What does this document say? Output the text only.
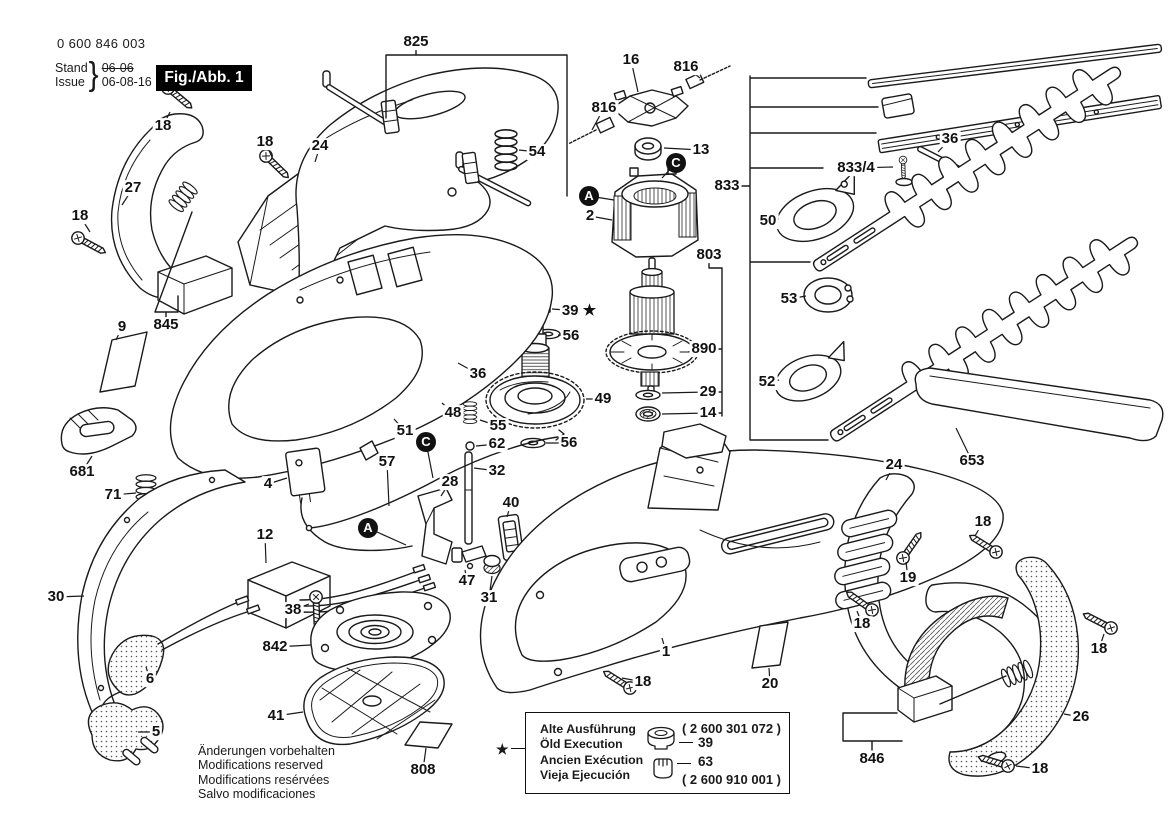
0 600 846 003
Stand
Issue } 06-06
06-08-16 Fig./Abb. 1
825
16 816
816
13
54
18
24
18
27
18
36
833/4
833
A
C
2
803
50
9 845
890
53
39 ★
56
36
49	29
14
52
48
51	55
62	56
681
71
C
57
32
4	28
12	A
40
47
31
38
842
30
6
5
41
808
1
18	20
24	653
18
19
18
26
18
18
846
Änderungen vorbehalten
Modifications reserved
Modifications resérvées
Salvo modificaciones
★
Alte Ausführung
Öld Execution
Ancien Exécution
Vieja Ejecución
39
63
( 2 600 301 072 )
( 2 600 910 001 )
